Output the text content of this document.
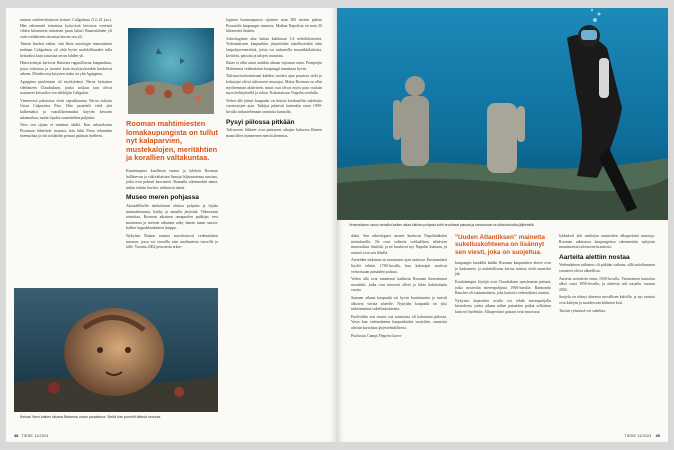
tarinan mielenvikaisesta keisari Caligulasta (12–41 jaa.). Hän rakennutti toimiinsa kyttyvistä laivoista veneistä vilden kilometrin mittaisen puun laituri Baiaenlahden yli vain voidakseen ratsastaa kerran sen yli.

Tämän Intolen vaikut, että Iätön astrologin ennustuksen mukaan Caligulasta oli yhtä hyvin mahdollisuudet tulla keisariksi kuin ratsastaa ravun lahden yli.

Historioitsijat kertovat Baiaesta rappiollisena kaupunkina, jossa voittonsa ja juoneet kuin myrkytyksetkin kuuluivat arkeen. Muiden myrkytysten tuska on yhä Agrippina.

Agrippina puolestaan oli myrkyttänyt Neroa keisarina edeltäneen Claudiuksen, jonka sotilaat taas olivat nostaneet keisariksi sen edeltäjän Caligulan.

Vienneessä palatsissa vietti rapsakkaansa Neron uskottu Gaius Calpurnius Piso. Hän juonitteli vielä yhä kulkemaksi ja vaarallisemmaksi käyvän keisarin salamurhaa, mutta lopulta suunnitelma paljastui.

Nero sen sijaan ei tuntenut sääliä. Kun saliatekonsa Pisostaan lähettivät tuomiot, hän lähti Pisoa tekemään itsemurhaa ja otti sotilaiden pettuni palatsin itselleen.

Rooman mahtimiesten lomakaupungista on tullut nyt kalaparvien, mustekalojen, meritähtien ja korallien valtakuntaa.

Kauneimpina kuolleista tuoma ja lyhdyin Rooman hallitsevan ja väkivaltaisten linnoja hiljaisuutensa runsaus, jotka ovat pahesti kasvaneet. Rannalla rakennettiin nämä, mihin tehtiin huvilat, tuhlasivat nämä.

Museo meren pohjassa

Akuudellisella akekolaisen ohittaa pohjaita ja löytää muinaiskanasta, hyöky ja uimalla järjestää. Oikeastaan toimittaa. Rooman aikainen omapuolen puhkijas vesi maisemaa ja mereen aikainen näky tämän maan sanota: kulkee luppakkuuksinen huippu.

Nykyisin Baiaen rauniot muodostavat vedenalaisen museon, jossa voi vierailla vain nuoltaneista tutoville ja tälle. Vuonna 2002 perustettu arkeo-

loginen luonnonpuisto sijaitsee noin 300 metrin päässä Pozzuolin kaupungin rannasta. Matkaa Napolista on noin 20 kilometriä länteen.

Arkeologinen alue kattaa kaikkiaan 3,4 neliökilometriä. Vedenalaiseen kaupunkiin järjestetään sukellusretkiä sekä lasipohjaveneretkiä, joista voi tarkastella mosaiikkilattioita, kivitietä, patsaita ja talojen raunioita.

Baiae ei ollut ainut antiikin aikaan vajonnut ranta. Pompeijin Molemmat vedenalaiset kaupungit tunnetaan hyvin.

Tulivuoristokomiteaan kahden vuoden ajan puurissa vielä ja kalastajat olivat tulivuoren seuraajat. Mutta Rooman on ollut myöhemmin aktiivinen, muut osat olivat myös pian osittain myös kehityksellä ja tuhon. Kokonaisuus Napolin seudulla.

Veden alle jäänyt kaupunki on tietysti houkutellut sukeltajia vuosisatojen ajan. Tutkijat pääsivät kuitenkin vasta 1900-luvulla tarkastelemaan raunioita kunnolla.

Pysyi piilossa pitkään

Tulivuoren liikkeet ovat painaneet aikojen kuluessa Baiaen maan lähes kymmenen metriä alemmas.

Keisari Nero kaiken takana Baiaesta oman palatsinsa. Sieltä hän punnitti äitinsä murhaa.
48 TIEDE 11/2024
Vedenalainen osuus vieraillut kaiken aikaa tutkitun pohjasta kohti arvokkaat patsaat ja korvautuvat ne pikkuharkoilla jäljitelmillä.

daksi. Sen arkeologiset aarteet kuuluvat Napolinlahden merialueelle. Ne ovat valtavia sotilaallisen tehtävien museaalisia ilmiöitä, ja ne kuuluvat nyt Napolin kuntaan, ja rauniot ovat sen lähellä.

Aarteiden tutkimus on muuttunut ajan saatossa. Ensimmäiset löydöt tehtiin 1700-luvulla, kun kalastajat nostivat verkoissaan patsaiden palasia.

Veden alla ovat tunnetusti kaikkein Rooman hienoimmat mosaiikit, jotka ovat meressä olleet jo lähes kaksituhatta vuotta.

Samaan aikaan kaupunki sai hyvin kuuluisuutta ja turistit alkoivat virrata alueelle. Nykyään kaupunki on yksi tärkeimmistä sukelluskohteista.

Puoliväliin asti suurin osa raunioista oli kokonaan piilossa. Vasta kun vedenalainen kaupunkialue suojeltiin, raunioita alettiin kartoittaa järjestelmällisesti.

Puolustus Campi Flegrein laava-

"Uuden Atlantiksen" mainetta sukelluskohteena on lisännyt sen viesti, joka on suojeltua.

kaupungin kaudella kaikki Rooman kaupunkien alueet ovat jo kadonneet, ja mahdollisuus kertoa tarinaa vielä rauniolta jää.

Kuuluisimpia löytöjä ovat Claudiuksen nymfeumin patsaat, jotka nostettiin merenpohjasta 1960-luvulla. Raimondo Baucher oli ensimmäinen, joka kartoitti vedenalaiset rauniot.

Nykyisin kopioiden avulla voi tehdä merenpohjalla kierroksen, jonka aikana näkee patsaiden paikat sellaisina kuin ne löydettiin. Alkuperäiset patsaat ovat museossa.

lykkäävät yhä vanhojen raunioiden alkuperäisiä muotoja. Rooman aikaisissa kaupungeissa rakennettiin nykyisin muurimaisia tulivuoren kraatteria.

Aarteita alettiin nostaa

Vedenalainen tutkimus oli pitkään vaikeaa, sillä sukeltamisen varusteet olivat alkeellisia.

Aarteita nostettiin ensin 1920-luvulla. Varsinainen kartoitus alkoi vasta 1950-luvulla, ja alueesta tuli suojeltu vuonna 2002.

Suojelu on tehnyt alueesta turvallisen kaloille, ja nyt rauniot ovat kalojen ja muiden merieläinten koti.

Turistit ryhmissä voi sukeltaa.

TIEDE 11/2024 49
